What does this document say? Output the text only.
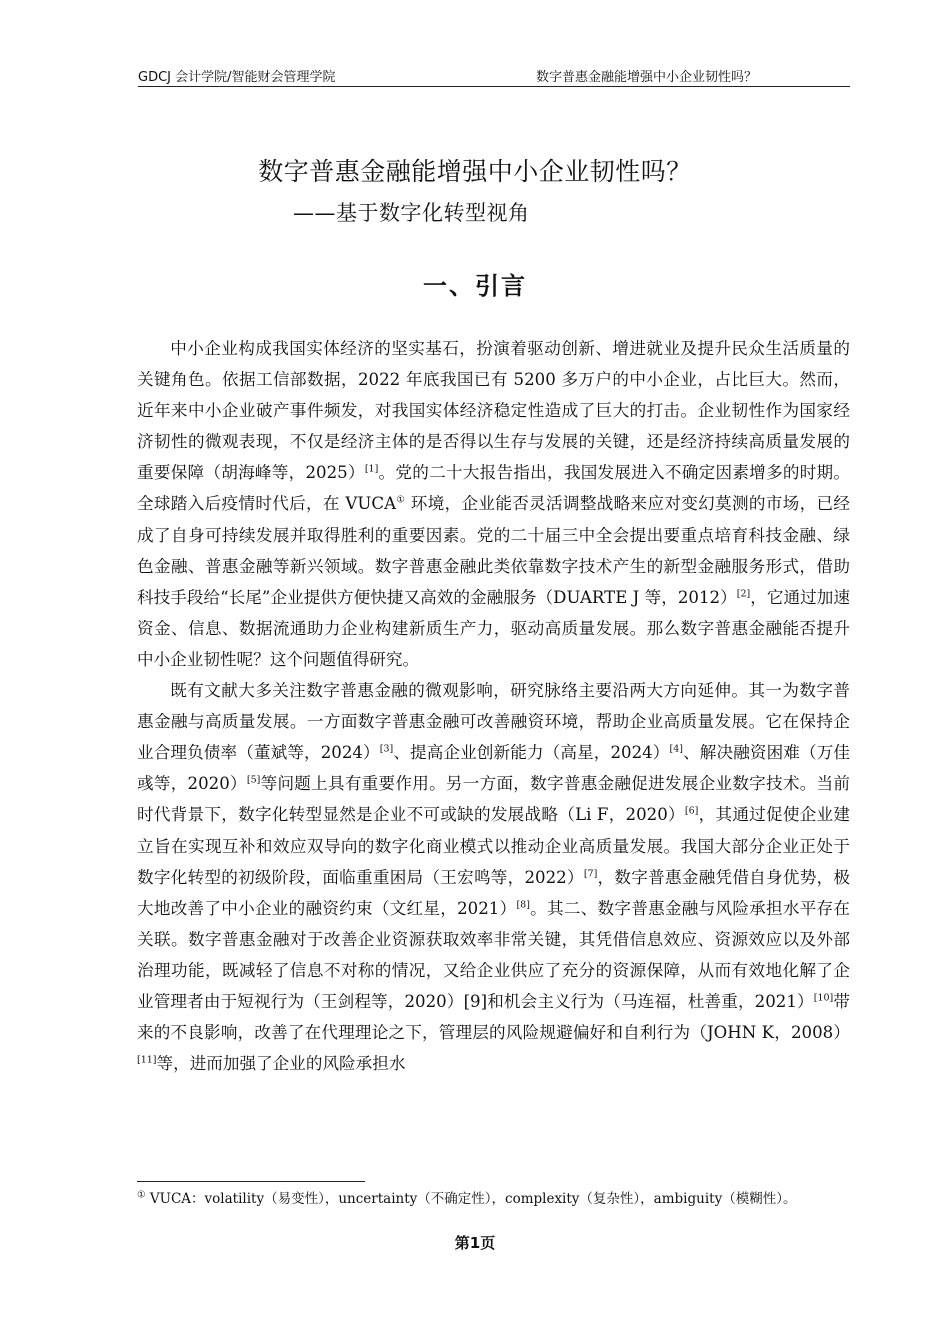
GDCJ 会计学院/智能财会管理学院	数字普惠金融能增强中小企业韧性吗？
数字普惠金融能增强中小企业韧性吗？
——基于数字化转型视角
一、引言

中小企业构成我国实体经济的坚实基石，扮演着驱动创新、增进就业及提升民众生活质量的关键角色。依据工信部数据，2022 年底我国已有 5200 多万户的中小企业，占比巨大。然而，近年来中小企业破产事件频发，对我国实体经济稳定性造成了巨大的打击。企业韧性作为国家经济韧性的微观表现，不仅是经济主体的是否得以生存与发展的关键，还是经济持续高质量发展的重要保障（胡海峰等，2025）[1]。党的二十大报告指出，我国发展进入不确定因素增多的时期。全球踏入后疫情时代后，在 VUCA① 环境，企业能否灵活调整战略来应对变幻莫测的市场，已经成了自身可持续发展并取得胜利的重要因素。党的二十届三中全会提出要重点培育科技金融、绿色金融、普惠金融等新兴领域。数字普惠金融此类依靠数字技术产生的新型金融服务形式，借助科技手段给“长尾”企业提供方便快捷又高效的金融服务（DUARTE J 等，2012）[2]，它通过加速资金、信息、数据流通助力企业构建新质生产力，驱动高质量发展。那么数字普惠金融能否提升中小企业韧性呢？这个问题值得研究。

既有文献大多关注数字普惠金融的微观影响，研究脉络主要沿两大方向延伸。其一为数字普惠金融与高质量发展。一方面数字普惠金融可改善融资环境，帮助企业高质量发展。它在保持企业合理负债率（董斌等，2024）[3]、提高企业创新能力（高星，2024）[4]、解决融资困难（万佳彧等，2020）[5]等问题上具有重要作用。另一方面，数字普惠金融促进发展企业数字技术。当前时代背景下，数字化转型显然是企业不可或缺的发展战略（Li F，2020）[6]，其通过促使企业建立旨在实现互补和效应双导向的数字化商业模式以推动企业高质量发展。我国大部分企业正处于数字化转型的初级阶段，面临重重困局（王宏鸣等，2022）[7]，数字普惠金融凭借自身优势，极大地改善了中小企业的融资约束（文红星，2021）[8]。其二、数字普惠金融与风险承担水平存在关联。数字普惠金融对于改善企业资源获取效率非常关键，其凭借信息效应、资源效应以及外部治理功能，既减轻了信息不对称的情况，又给企业供应了充分的资源保障，从而有效地化解了企业管理者由于短视行为（王剑程等，2020）[9]和机会主义行为（马连福，杜善重，2021）[10]带来的不良影响，改善了在代理理论之下，管理层的风险规避偏好和自利行为（JOHN K，2008）[11]等，进而加强了企业的风险承担水

① VUCA：volatility（易变性），uncertainty（不确定性），complexity（复杂性），ambiguity（模糊性）。
第1页
